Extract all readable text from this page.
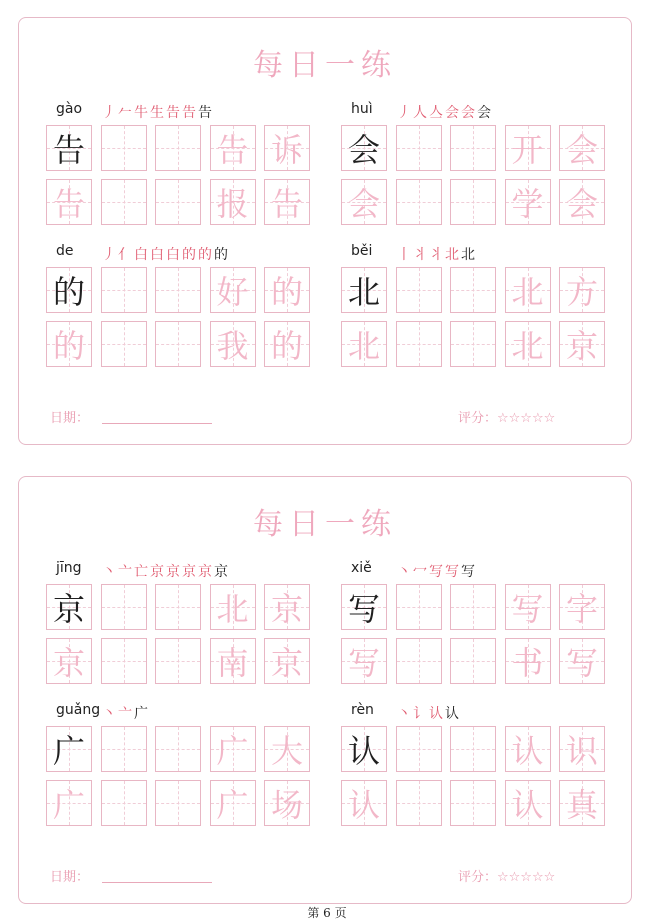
第 6 页
每日一练
gào 丿 𠂉 牛 生 告 告 告
告	告 诉
告	报 告
huì 丿 人 亼 会 会 会
会	开 会
会	学 会
de 丿 亻 白 白 白 的 的 的
的	好 的
的	我 的
běi 丨 丬 丬 北 北
北	北 方
北	北 京
日期：	评分：☆☆☆☆☆
每日一练
jīng 丶 亠 亡 京 京 京 京 京
京	北 京
京	南 京
xiě 丶 冖 写 写 写
写	写 字
写	书 写
guǎng 丶 亠 广
广	广 大
广	广 场
rèn 丶 讠 认 认
认	认 识
认	认 真
日期：	评分：☆☆☆☆☆
